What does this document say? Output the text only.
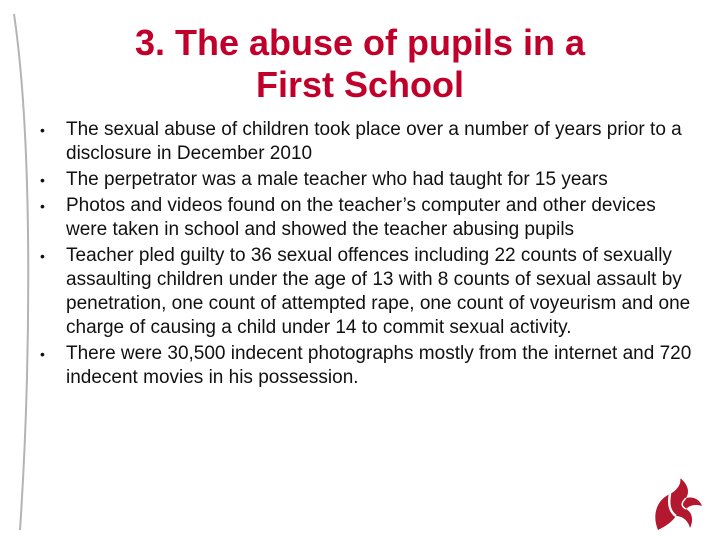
3. The abuse of pupils in a
First School
• The sexual abuse of children took place over a number of years prior to a disclosure in December 2010
• The perpetrator was a male teacher who had taught for 15 years
• Photos and videos found on the teacher’s computer and other devices were taken in school and showed the teacher abusing pupils
• Teacher pled guilty to 36 sexual offences including 22 counts of sexually assaulting children under the age of 13 with 8 counts of sexual assault by penetration, one count of attempted rape, one count of voyeurism and one charge of causing a child under 14 to commit sexual activity.
• There were 30,500 indecent photographs mostly from the internet and 720 indecent movies in his possession.
